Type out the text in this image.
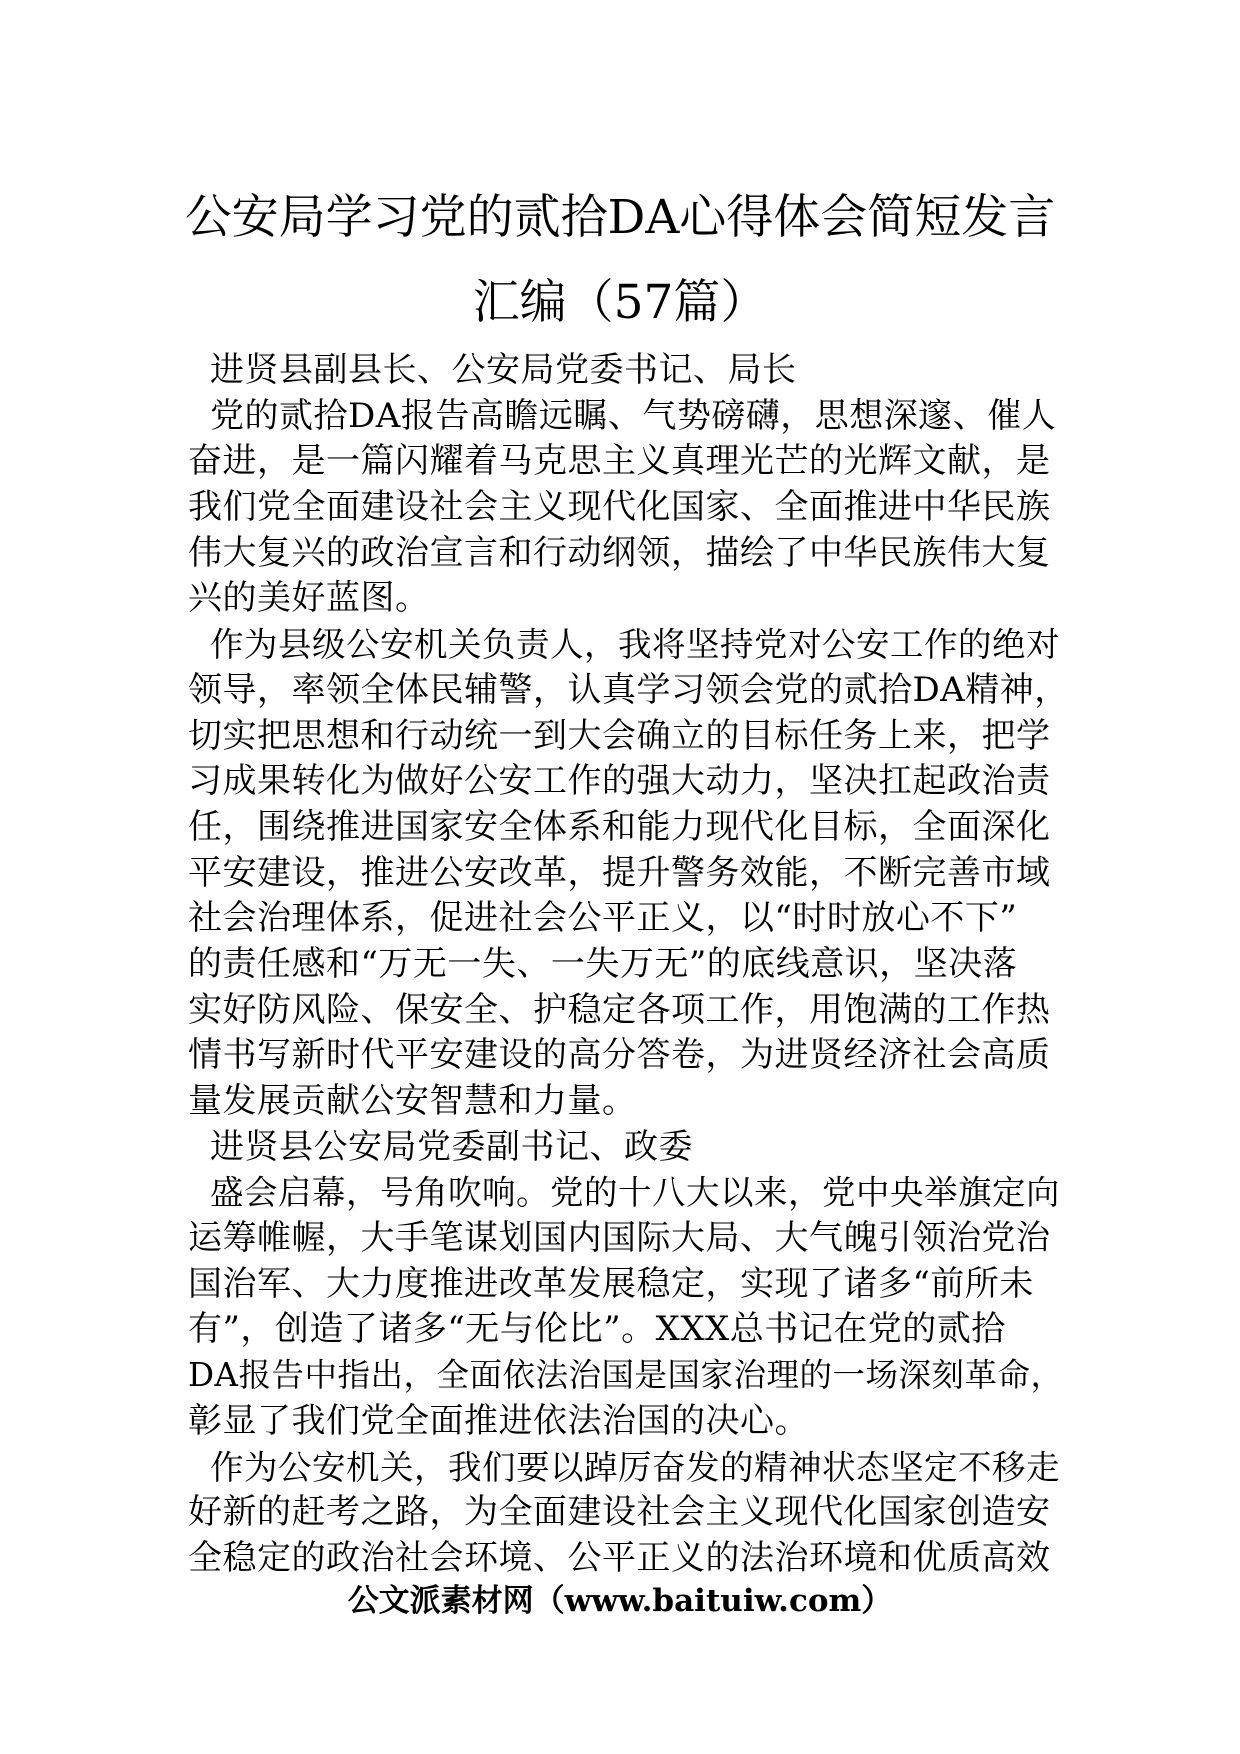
公安局学习党的贰拾DA心得体会简短发言
汇编（57篇）
进贤县副县长、公安局党委书记、局长
党的贰拾DA报告高瞻远瞩、气势磅礴，思想深邃、催人
奋进，是一篇闪耀着马克思主义真理光芒的光辉文献，是
我们党全面建设社会主义现代化国家、全面推进中华民族
伟大复兴的政治宣言和行动纲领，描绘了中华民族伟大复
兴的美好蓝图。
作为县级公安机关负责人，我将坚持党对公安工作的绝对
领导，率领全体民辅警，认真学习领会党的贰拾DA精神，
切实把思想和行动统一到大会确立的目标任务上来，把学
习成果转化为做好公安工作的强大动力，坚决扛起政治责
任，围绕推进国家安全体系和能力现代化目标，全面深化
平安建设，推进公安改革，提升警务效能，不断完善市域
社会治理体系，促进社会公平正义，以“时时放心不下”
的责任感和“万无一失、一失万无”的底线意识，坚决落
实好防风险、保安全、护稳定各项工作，用饱满的工作热
情书写新时代平安建设的高分答卷，为进贤经济社会高质
量发展贡献公安智慧和力量。
进贤县公安局党委副书记、政委
盛会启幕，号角吹响。党的十八大以来，党中央举旗定向
运筹帷幄，大手笔谋划国内国际大局、大气魄引领治党治
国治军、大力度推进改革发展稳定，实现了诸多“前所未
有”，创造了诸多“无与伦比”。XXX总书记在党的贰拾
DA报告中指出，全面依法治国是国家治理的一场深刻革命，
彰显了我们党全面推进依法治国的决心。
作为公安机关，我们要以踔厉奋发的精神状态坚定不移走
好新的赶考之路，为全面建设社会主义现代化国家创造安
全稳定的政治社会环境、公平正义的法治环境和优质高效
公文派素材网（www.baituiw.com）
